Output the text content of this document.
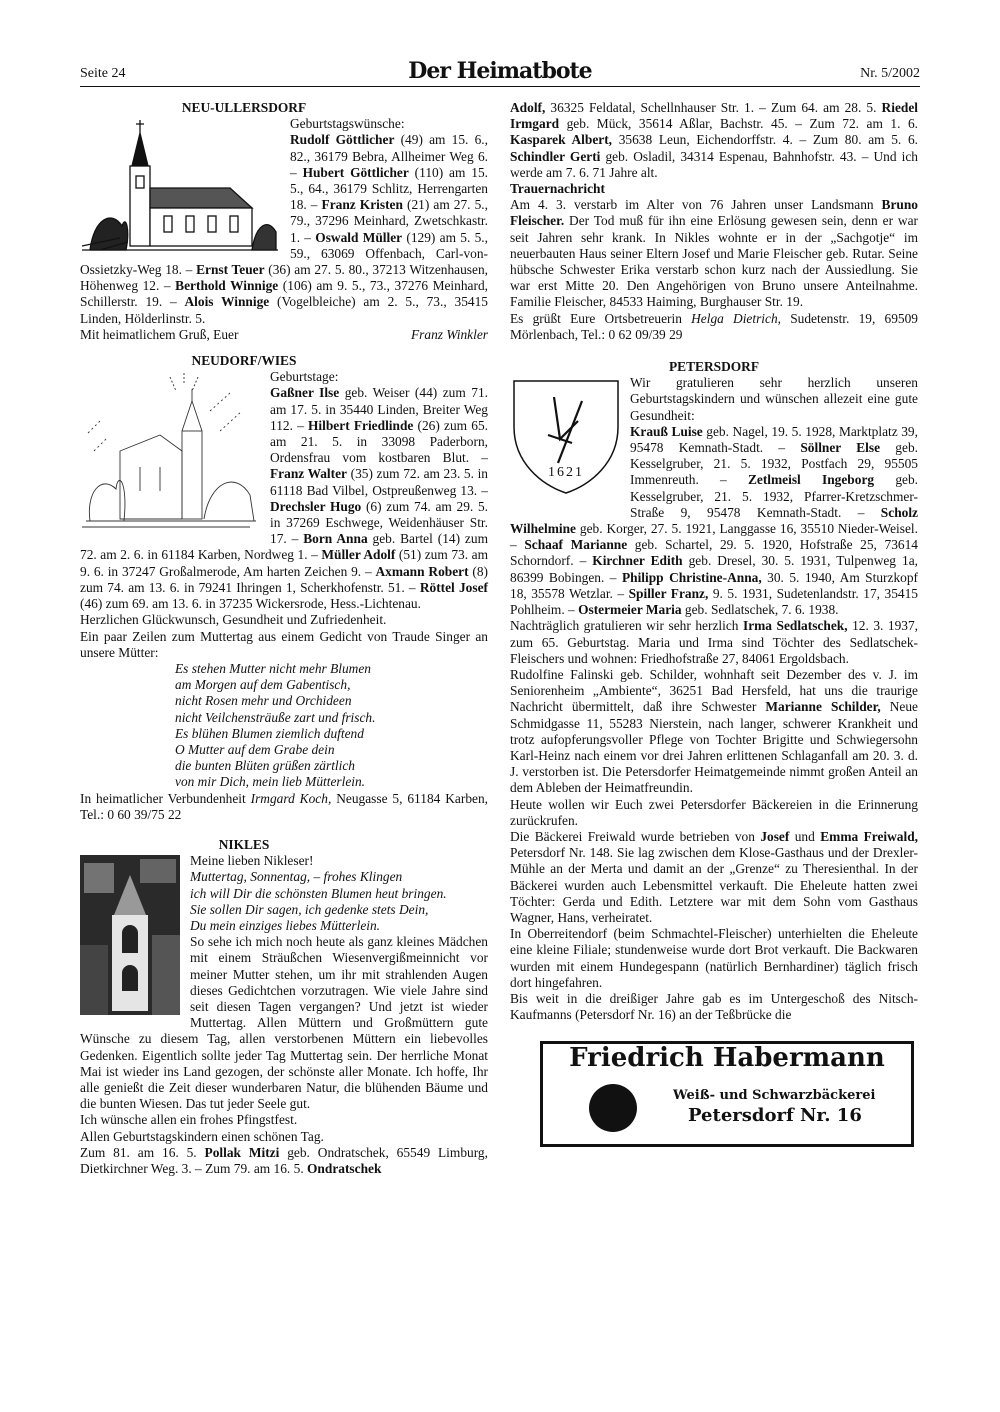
Seite 24	Der Heimatbote	Nr. 5/2002

NEU-ULLERSDORF

Geburtstagswünsche:

Rudolf Göttlicher (49) am 15. 6., 82., 36179 Bebra, Allheimer Weg 6. – Hubert Göttlicher (110) am 15. 5., 64., 36179 Schlitz, Herrengarten 18. – Franz Kristen (21) am 27. 5., 79., 37296 Meinhard, Zwetschkastr. 1. – Oswald Müller (129) am 5. 5., 59., 63069 Offenbach, Carl-von-Ossietzky-Weg 18. – Ernst Teuer (36) am 27. 5. 80., 37213 Witzenhausen, Höhenweg 12. – Berthold Winnige (106) am 9. 5., 73., 37276 Meinhard, Schillerstr. 19. – Alois Winnige (Vogelbleiche) am 2. 5., 73., 35415 Linden, Hölderlinstr. 5.

Mit heimatlichem Gruß, Euer	Franz Winkler

NEUDORF/WIES

Geburtstage:

Gaßner Ilse geb. Weiser (44) zum 71. am 17. 5. in 35440 Linden, Breiter Weg 112. – Hilbert Friedlinde (26) zum 65. am 21. 5. in 33098 Paderborn, Ordensfrau vom kostbaren Blut. – Franz Walter (35) zum 72. am 23. 5. in 61118 Bad Vilbel, Ostpreußenweg 13. – Drechsler Hugo (6) zum 74. am 29. 5. in 37269 Eschwege, Weidenhäuser Str. 17. – Born Anna geb. Bartel (14) zum 72. am 2. 6. in 61184 Karben, Nordweg 1. – Müller Adolf (51) zum 73. am 9. 6. in 37247 Großalmerode, Am harten Zeichen 9. – Axmann Robert (8) zum 74. am 13. 6. in 79241 Ihringen 1, Scherkhofenstr. 51. – Röttel Josef (46) zum 69. am 13. 6. in 37235 Wickersrode, Hess.-Lichtenau.

Herzlichen Glückwunsch, Gesundheit und Zufriedenheit.

Ein paar Zeilen zum Muttertag aus einem Gedicht von Traude Singer an unsere Mütter:

Es stehen Mutter nicht mehr Blumen
am Morgen auf dem Gabentisch,
nicht Rosen mehr und Orchideen
nicht Veilchensträuße zart und frisch.
Es blühen Blumen ziemlich duftend
O Mutter auf dem Grabe dein
die bunten Blüten grüßen zärtlich
von mir Dich, mein lieb Mütterlein.

In heimatlicher Verbundenheit Irmgard Koch, Neugasse 5, 61184 Karben, Tel.: 0 60 39/75 22

NIKLES

Meine lieben Nikleser!

Muttertag, Sonnentag, – frohes Klingen
ich will Dir die schönsten Blumen heut bringen.
Sie sollen Dir sagen, ich gedenke stets Dein,
Du mein einziges liebes Mütterlein.

So sehe ich mich noch heute als ganz kleines Mädchen mit einem Sträußchen Wiesenvergißmeinnicht vor meiner Mutter stehen, um ihr mit strahlenden Augen dieses Gedichtchen vorzutragen. Wie viele Jahre sind seit diesen Tagen vergangen? Und jetzt ist wieder Muttertag. Allen Müttern und Großmüttern gute Wünsche zu diesem Tag, allen verstorbenen Müttern ein liebevolles Gedenken. Eigentlich sollte jeder Tag Muttertag sein. Der herrliche Monat Mai ist wieder ins Land gezogen, der schönste aller Monate. Ich hoffe, Ihr alle genießt die Zeit dieser wunderbaren Natur, die blühenden Bäume und die bunten Wiesen. Das tut jeder Seele gut.

Ich wünsche allen ein frohes Pfingstfest.

Allen Geburtstagskindern einen schönen Tag.

Zum 81. am 16. 5. Pollak Mitzi geb. Ondratschek, 65549 Limburg, Dietkirchner Weg. 3. – Zum 79. am 16. 5. Ondratschek

Adolf, 36325 Feldatal, Schellnhauser Str. 1. – Zum 64. am 28. 5. Riedel Irmgard geb. Mück, 35614 Aßlar, Bachstr. 45. – Zum 72. am 1. 6. Kasparek Albert, 35638 Leun, Eichendorffstr. 4. – Zum 80. am 5. 6. Schindler Gerti geb. Osladil, 34314 Espenau, Bahnhofstr. 43. – Und ich werde am 7. 6. 71 Jahre alt.

Trauernachricht

Am 4. 3. verstarb im Alter von 76 Jahren unser Landsmann Bruno Fleischer. Der Tod muß für ihn eine Erlösung gewesen sein, denn er war seit Jahren sehr krank. In Nikles wohnte er in der „Sachgotje“ im neuerbauten Haus seiner Eltern Josef und Marie Fleischer geb. Rutar. Seine hübsche Schwester Erika verstarb schon kurz nach der Aussiedlung. Sie war erst Mitte 20. Den Angehörigen von Bruno unsere Anteilnahme. Familie Fleischer, 84533 Haiming, Burghauser Str. 19.

Es grüßt Eure Ortsbetreuerin Helga Dietrich, Sudetenstr. 19, 69509 Mörlenbach, Tel.: 0 62 09/39 29

PETERSDORF

1621

Wir gratulieren sehr herzlich unseren Geburtstagskindern und wünschen allezeit eine gute Gesundheit:

Krauß Luise geb. Nagel, 19. 5. 1928, Marktplatz 39, 95478 Kemnath-Stadt. – Söllner Else geb. Kesselgruber, 21. 5. 1932, Postfach 29, 95505 Immenreuth. – Zetlmeisl Ingeborg geb. Kesselgruber, 21. 5. 1932, Pfarrer-Kretzschmer-Straße 9, 95478 Kemnath-Stadt. – Scholz Wilhelmine geb. Korger, 27. 5. 1921, Langgasse 16, 35510 Nieder-Weisel. – Schaaf Marianne geb. Schartel, 29. 5. 1920, Hofstraße 25, 73614 Schorndorf. – Kirchner Edith geb. Dresel, 30. 5. 1931, Tulpenweg 1a, 86399 Bobingen. – Philipp Christine-Anna, 30. 5. 1940, Am Sturzkopf 18, 35578 Wetzlar. – Spiller Franz, 9. 5. 1931, Sudetenlandstr. 17, 35415 Pohlheim. – Ostermeier Maria geb. Sedlatschek, 7. 6. 1938.

Nachträglich gratulieren wir sehr herzlich Irma Sedlatschek, 12. 3. 1937, zum 65. Geburtstag. Maria und Irma sind Töchter des Sedlatschek-Fleischers und wohnen: Friedhofstraße 27, 84061 Ergoldsbach.

Rudolfine Falinski geb. Schilder, wohnhaft seit Dezember des v. J. im Seniorenheim „Ambiente“, 36251 Bad Hersfeld, hat uns die traurige Nachricht übermittelt, daß ihre Schwester Marianne Schilder, Neue Schmidgasse 11, 55283 Nierstein, nach langer, schwerer Krankheit und trotz aufopferungsvoller Pflege von Tochter Brigitte und Schwiegersohn Karl-Heinz nach einem vor drei Jahren erlittenen Schlaganfall am 20. 3. d. J. verstorben ist. Die Petersdorfer Heimatgemeinde nimmt großen Anteil an dem Ableben der Heimatfreundin.

Heute wollen wir Euch zwei Petersdorfer Bäckereien in die Erinnerung zurückrufen.

Die Bäckerei Freiwald wurde betrieben von Josef und Emma Freiwald, Petersdorf Nr. 148. Sie lag zwischen dem Klose-Gasthaus und der Drexler-Mühle an der Merta und damit an der „Grenze“ zu Theresienthal. In der Bäckerei wurden auch Lebensmittel verkauft. Die Eheleute hatten zwei Töchter: Gerda und Edith. Letztere war mit dem Sohn vom Gasthaus Wagner, Hans, verheiratet.

In Oberreitendorf (beim Schmachtel-Fleischer) unterhielten die Eheleute eine kleine Filiale; stundenweise wurde dort Brot verkauft. Die Backwaren wurden mit einem Hundegespann (natürlich Bernhardiner) täglich frisch dort hingefahren.

Bis weit in die dreißiger Jahre gab es im Untergeschoß des Nitsch-Kaufmanns (Petersdorf Nr. 16) an der Teßbrücke die

Friedrich Habermann
Weiß- und Schwarzbäckerei
Petersdorf Nr. 16
